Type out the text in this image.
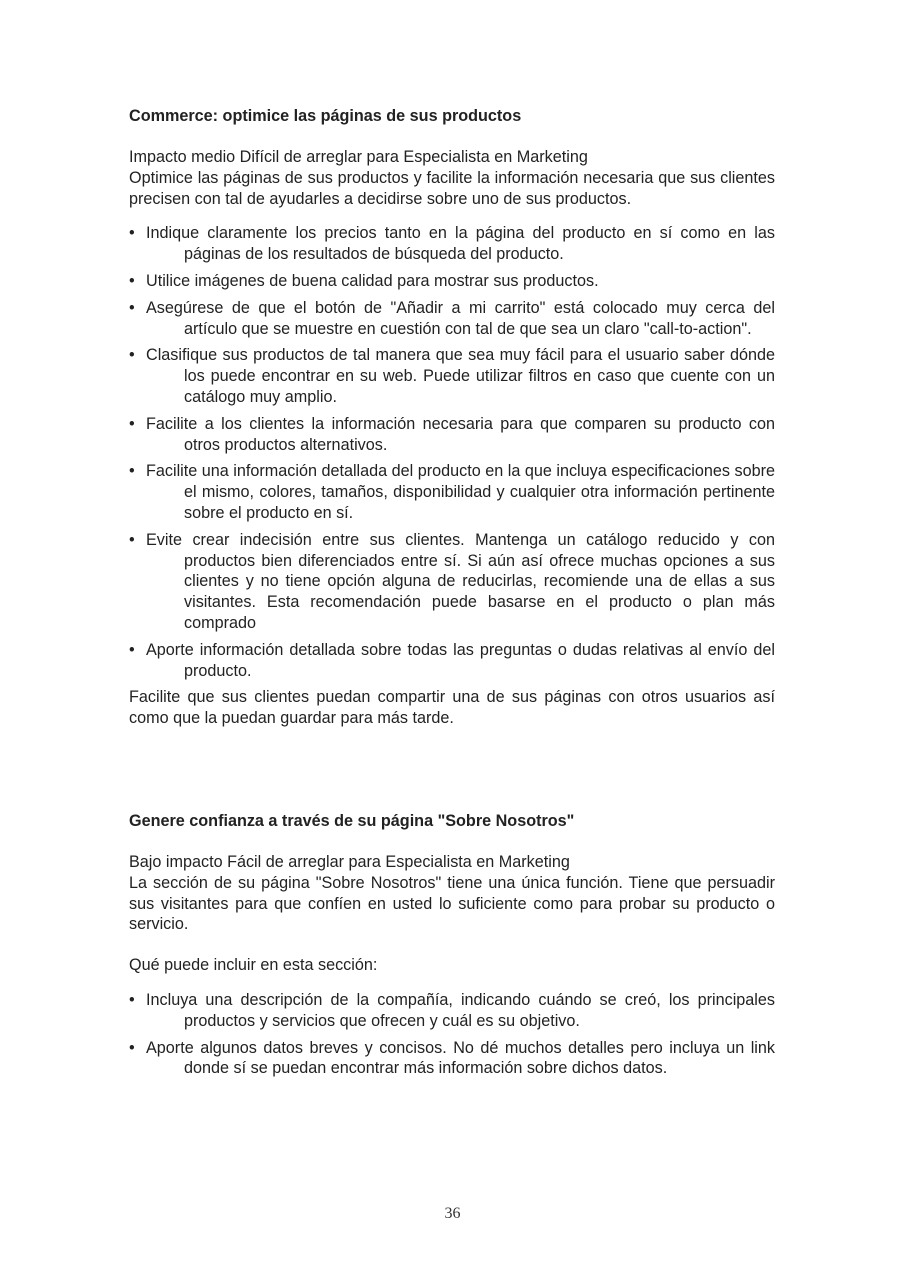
Commerce: optimice las páginas de sus productos

Impacto medio Difícil de arreglar para Especialista en Marketing

Optimice las páginas de sus productos y facilite la información necesaria que sus clientes precisen con tal de ayudarles a decidirse sobre uno de sus productos.

• Indique claramente los precios tanto en la página del producto en sí como en las páginas de los resultados de búsqueda del producto.
• Utilice imágenes de buena calidad para mostrar sus productos.
• Asegúrese de que el botón de "Añadir a mi carrito" está colocado muy cerca del artículo que se muestre en cuestión con tal de que sea un claro "call-to-action".
• Clasifique sus productos de tal manera que sea muy fácil para el usuario saber dónde los puede encontrar en su web. Puede utilizar filtros en caso que cuente con un catálogo muy amplio.
• Facilite a los clientes la información necesaria para que comparen su producto con otros productos alternativos.
• Facilite una información detallada del producto en la que incluya especificaciones sobre el mismo, colores, tamaños, disponibilidad y cualquier otra información pertinente sobre el producto en sí.
• Evite crear indecisión entre sus clientes. Mantenga un catálogo reducido y con productos bien diferenciados entre sí. Si aún así ofrece muchas opciones a sus clientes y no tiene opción alguna de reducirlas, recomiende una de ellas a sus visitantes. Esta recomendación puede basarse en el producto o plan más comprado
• Aporte información detallada sobre todas las preguntas o dudas relativas al envío del producto.

Facilite que sus clientes puedan compartir una de sus páginas con otros usuarios así como que la puedan guardar para más tarde.

Genere confianza a través de su página "Sobre Nosotros"

Bajo impacto Fácil de arreglar para Especialista en Marketing

La sección de su página "Sobre Nosotros" tiene una única función. Tiene que persuadir sus visitantes para que confíen en usted lo suficiente como para probar su producto o servicio.

Qué puede incluir en esta sección:

• Incluya una descripción de la compañía, indicando cuándo se creó, los principales productos y servicios que ofrecen y cuál es su objetivo.
• Aporte algunos datos breves y concisos. No dé muchos detalles pero incluya un link donde sí se puedan encontrar más información sobre dichos datos.
36
